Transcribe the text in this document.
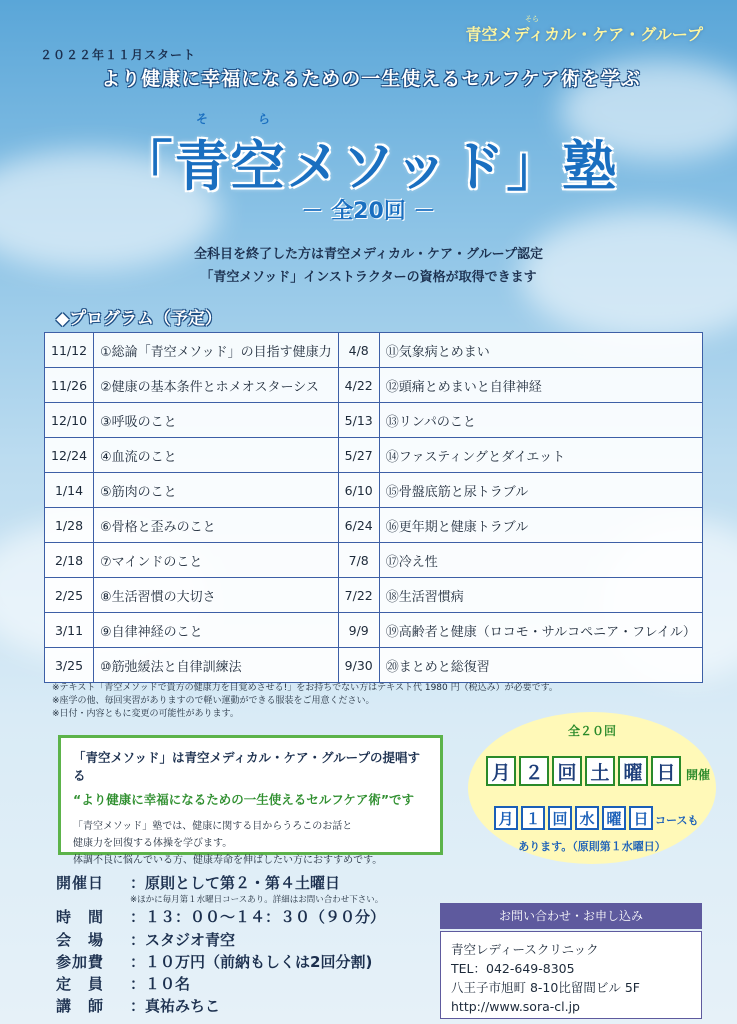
そら
青空メディカル・ケア・グループ
２０２２年１１月スタート
より健康に幸福になるための一生使えるセルフケア術を学ぶ
そ	ら
「青空メソッド」塾
－ 全20回 －
全科目を終了した方は青空メディカル・ケア・グループ認定
「青空メソッド」インストラクターの資格が取得できます
◆プログラム（予定）
11/12	①総論「青空メソッド」の目指す健康力	4/8	⑪気象病とめまい
11/26	②健康の基本条件とホメオスターシス	4/22	⑫頭痛とめまいと自律神経
12/10	③呼吸のこと	5/13	⑬リンパのこと
12/24	④血流のこと	5/27	⑭ファスティングとダイエット
1/14	⑤筋肉のこと	6/10	⑮骨盤底筋と尿トラブル
1/28	⑥骨格と歪みのこと	6/24	⑯更年期と健康トラブル
2/18	⑦マインドのこと	7/8	⑰冷え性
2/25	⑧生活習慣の大切さ	7/22	⑱生活習慣病
3/11	⑨自律神経のこと	9/9	⑲高齢者と健康（ロコモ・サルコペニア・フレイル）
3/25	⑩筋弛緩法と自律訓練法	9/30	⑳まとめと総復習
※テキスト「青空メソッドで貴方の健康力を目覚めさせる!」をお持ちでない方はテキスト代 1980 円（税込み）が必要です。
※座学の他、毎回実習がありますので軽い運動ができる服装をご用意ください。
※日付・内容ともに変更の可能性があります。
「青空メソッド」は青空メディカル・ケア・グループの提唱する
“より健康に幸福になるための一生使えるセルフケア術”です
「青空メソッド」塾では、健康に関する目からうろこのお話と
健康力を回復する体操を学びます。
体調不良に悩んでいる方、健康寿命を伸ばしたい方におすすめです。
全２０回
月 ２ 回 土 曜 日 開催
月 １ 回 水 曜 日 コースも
あります。（原則第１水曜日）
開催日	：原則として第２・第４土曜日
※ほかに毎月第１水曜日コースあり。詳細はお問い合わせ下さい。
時　間	：１３：００～１４：３０（９０分）
会　場	：スタジオ青空
参加費	：１０万円（前納もしくは2回分割)
定　員	：１０名
講　師	：真祐みちこ
お問い合わせ・お申し込み
青空レディースクリニック
TEL：042-649-8305
八王子市旭町 8-10比留間ビル 5F
http://www.sora-cl.jp
